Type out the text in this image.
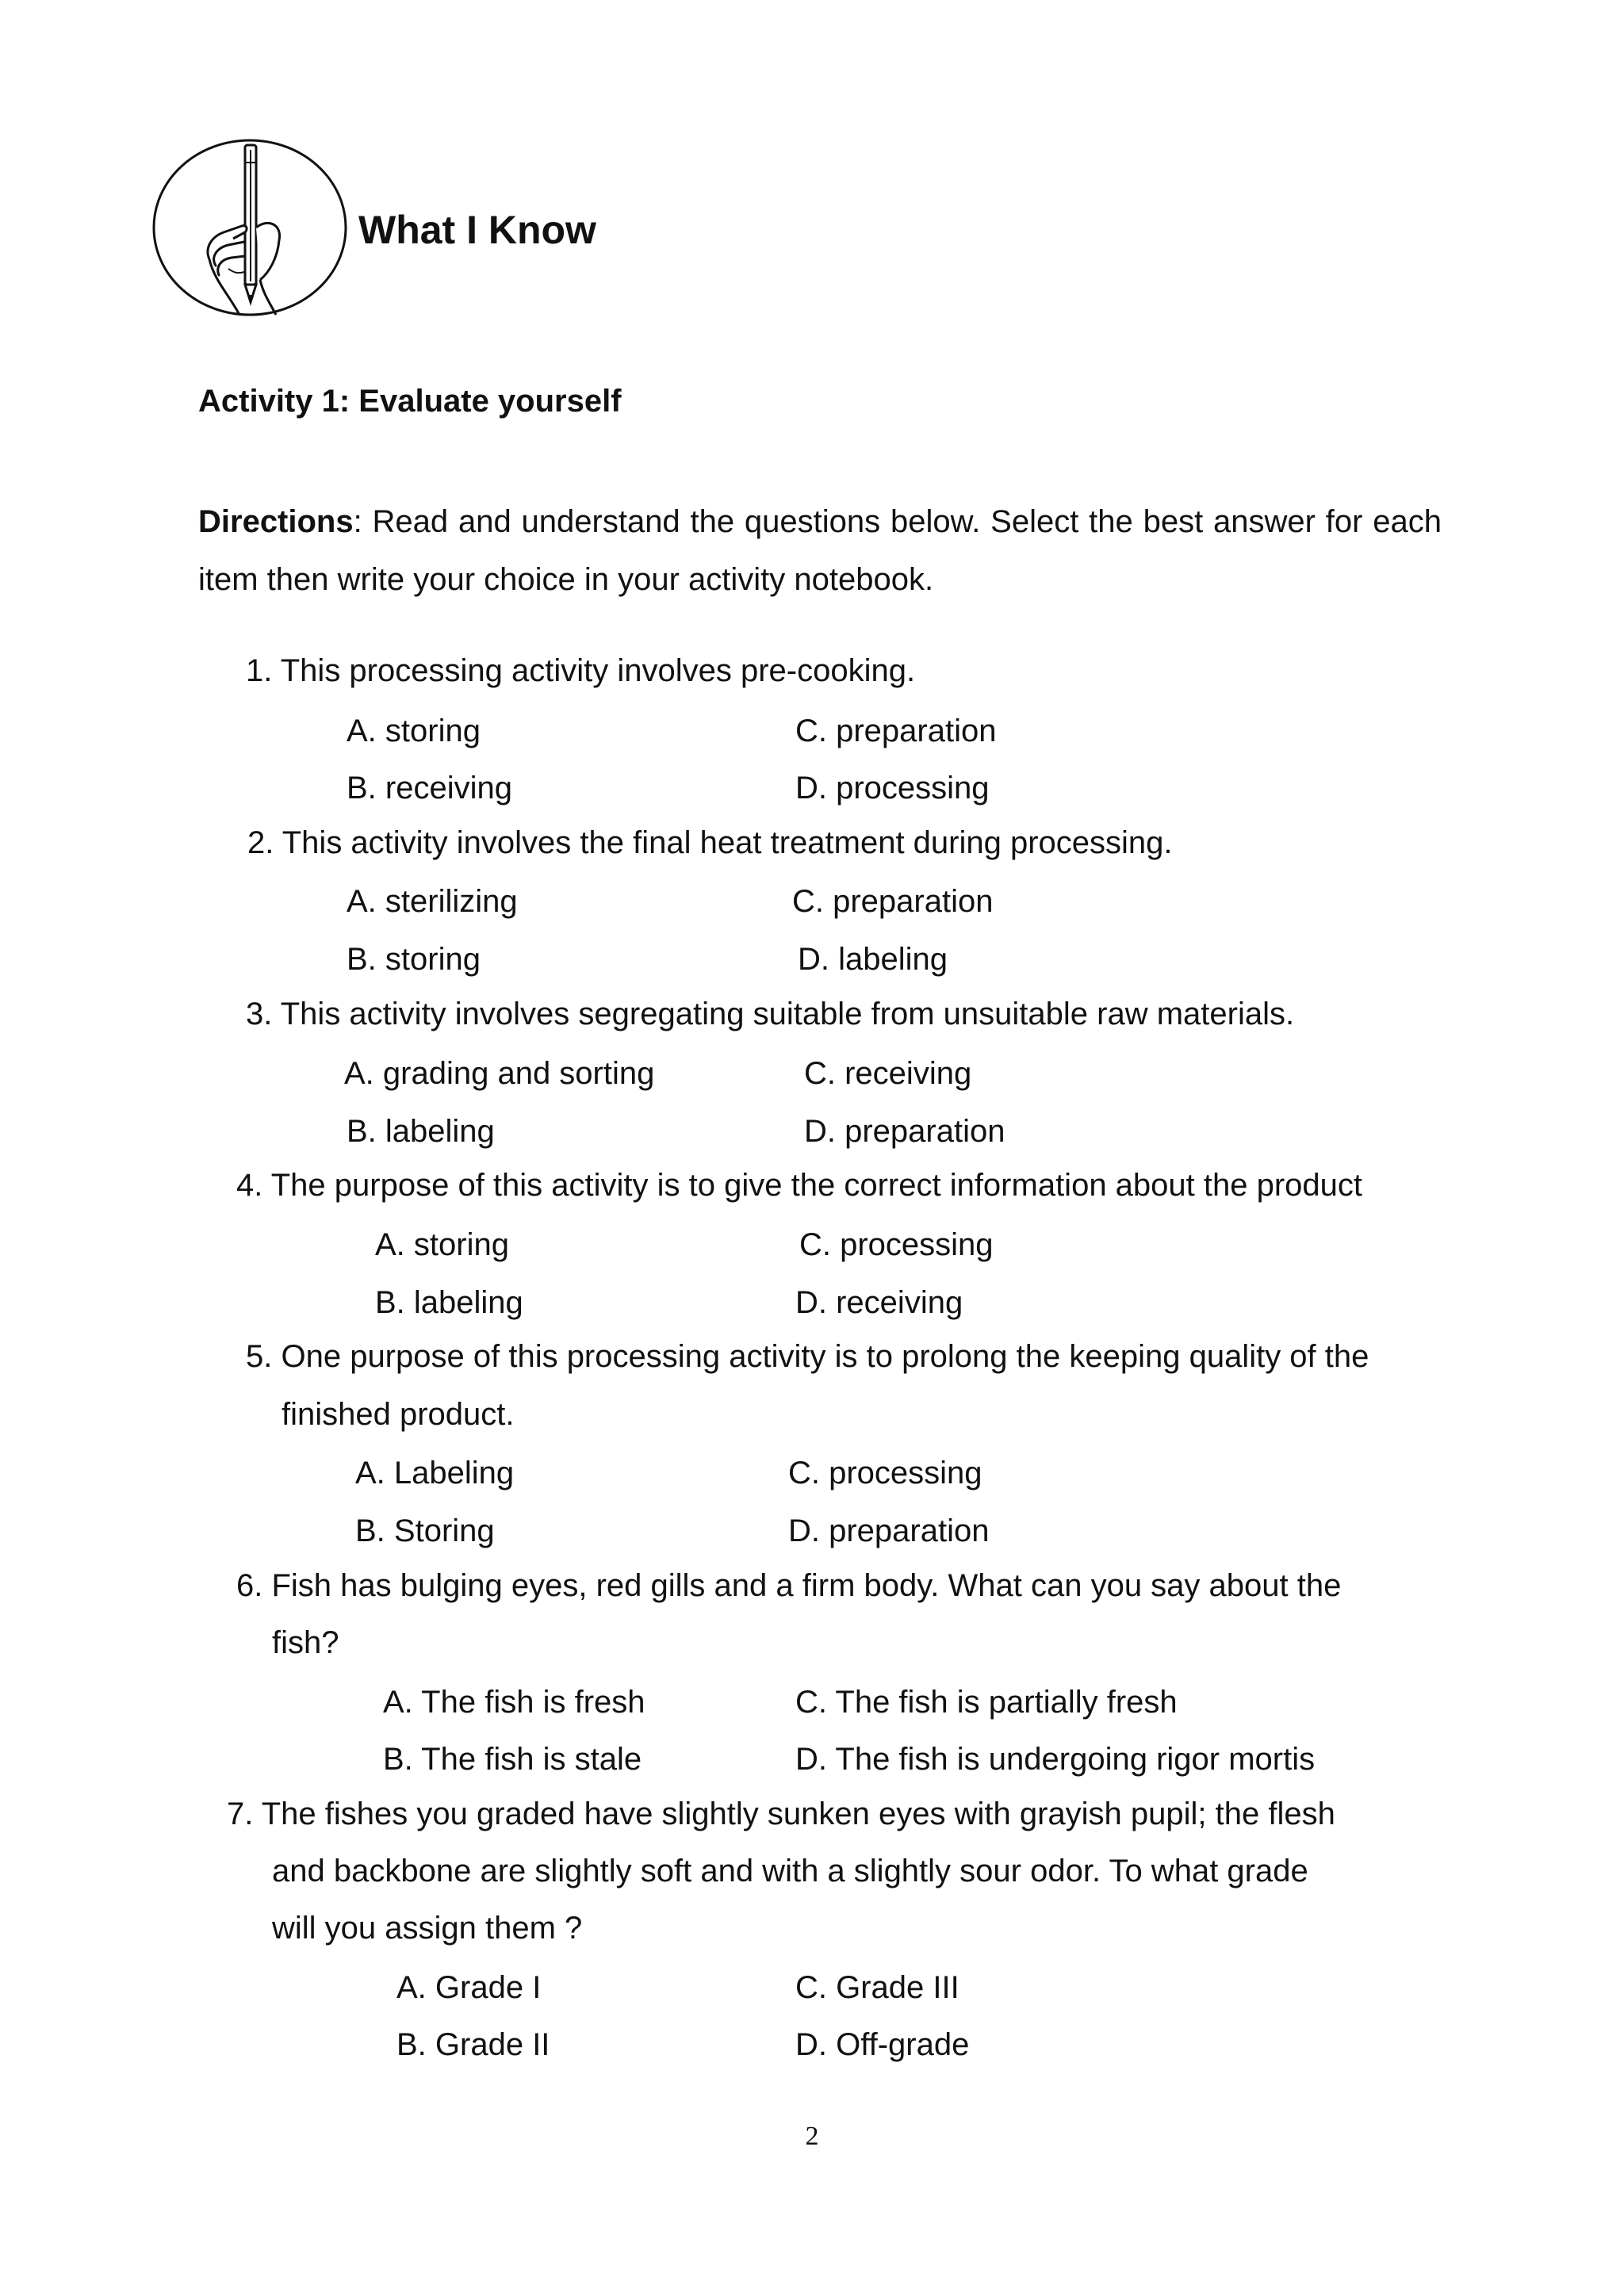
What I Know
Activity 1: Evaluate yourself
Directions: Read and understand the questions below. Select the best answer for each item then write your choice in your activity notebook.
1. This processing activity involves pre-cooking.
A. storing	C. preparation
B. receiving	D. processing
2. This activity involves the final heat treatment during processing.
A. sterilizing	C. preparation
B. storing	D. labeling
3. This activity involves segregating suitable from unsuitable raw materials.
A. grading and sorting	C. receiving
B. labeling	D. preparation
4. The purpose of this activity is to give the correct information about the product
A. storing	C. processing
B. labeling	D. receiving
5. One purpose of this processing activity is to prolong the keeping quality of the
finished product.
A. Labeling	C. processing
B. Storing	D. preparation
6. Fish has bulging eyes, red gills and a firm body. What can you say about the
fish?
A. The fish is fresh	C. The fish is partially fresh
B. The fish is stale	D. The fish is undergoing rigor mortis
7. The fishes you graded have slightly sunken eyes with grayish pupil; the flesh
and backbone are slightly soft and with a slightly sour odor. To what grade
will you assign them ?
A. Grade I	C. Grade III
B. Grade II	D. Off-grade
2
